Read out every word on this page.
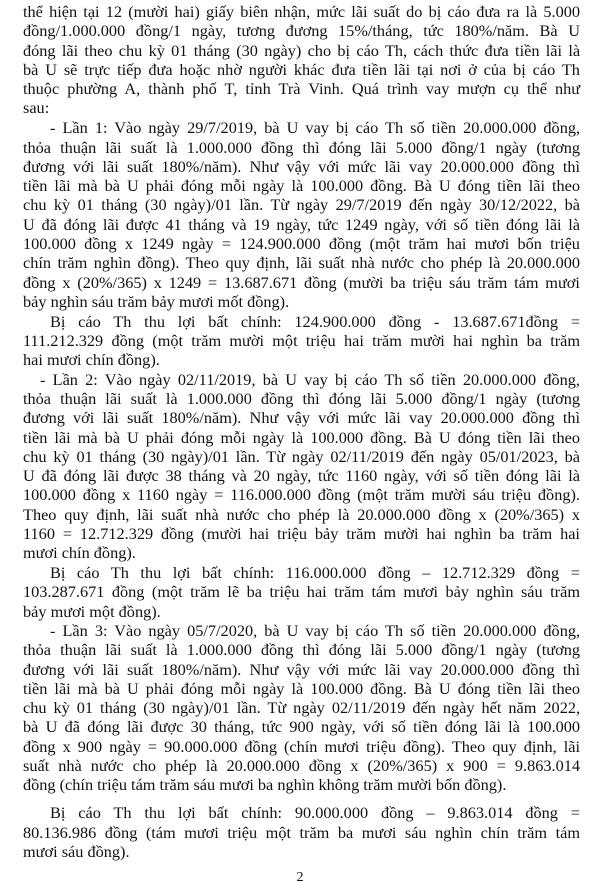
thể hiện tại 12 (mười hai) giấy biên nhận, mức lãi suất do bị cáo đưa ra là 5.000
đồng/1.000.000 đồng/1 ngày, tương đương 15%/tháng, tức 180%/năm. Bà U
đóng lãi theo chu kỳ 01 tháng (30 ngày) cho bị cáo Th, cách thức đưa tiền lãi là
bà U sẽ trực tiếp đưa hoặc nhờ người khác đưa tiền lãi tại nơi ở của bị cáo Th
thuộc phường A, thành phố T, tỉnh Trà Vinh. Quá trình vay mượn cụ thể như
sau:
- Lần 1: Vào ngày 29/7/2019, bà U vay bị cáo Th số tiền 20.000.000 đồng,
thỏa thuận lãi suất là 1.000.000 đồng thì đóng lãi 5.000 đồng/1 ngày (tương
đương với lãi suất 180%/năm). Như vậy với mức lãi vay 20.000.000 đồng thì
tiền lãi mà bà U phải đóng mỗi ngày là 100.000 đồng. Bà U đóng tiền lãi theo
chu kỳ 01 tháng (30 ngày)/01 lần. Từ ngày 29/7/2019 đến ngày 30/12/2022, bà
U đã đóng lãi được 41 tháng và 19 ngày, tức 1249 ngày, với số tiền đóng lãi là
100.000 đồng x 1249 ngày = 124.900.000 đồng (một trăm hai mươi bốn triệu
chín trăm nghìn đồng). Theo quy định, lãi suất nhà nước cho phép là 20.000.000
đồng x (20%/365) x 1249 = 13.687.671 đồng (mười ba triệu sáu trăm tám mươi
bảy nghìn sáu trăm bảy mươi mốt đồng).
Bị cáo Th thu lợi bất chính: 124.900.000 đồng - 13.687.671đồng =
111.212.329 đồng (một trăm mười một triệu hai trăm mười hai nghìn ba trăm
hai mươi chín đồng).
- Lần 2: Vào ngày 02/11/2019, bà U vay bị cáo Th số tiền 20.000.000 đồng,
thỏa thuận lãi suất là 1.000.000 đồng thì đóng lãi 5.000 đồng/1 ngày (tương
đương với lãi suất 180%/năm). Như vậy với mức lãi vay 20.000.000 đồng thì
tiền lãi mà bà U phải đóng mỗi ngày là 100.000 đồng. Bà U đóng tiền lãi theo
chu kỳ 01 tháng (30 ngày)/01 lần. Từ ngày 02/11/2019 đến ngày 05/01/2023, bà
U đã đóng lãi được 38 tháng và 20 ngày, tức 1160 ngày, với số tiền đóng lãi là
100.000 đồng x 1160 ngày = 116.000.000 đồng (một trăm mười sáu triệu đồng).
Theo quy định, lãi suất nhà nước cho phép là 20.000.000 đồng x (20%/365) x
1160 = 12.712.329 đồng (mười hai triệu bảy trăm mười hai nghìn ba trăm hai
mươi chín đồng).
Bị cáo Th thu lợi bất chính: 116.000.000 đồng – 12.712.329 đồng =
103.287.671 đồng (một trăm lẽ ba triệu hai trăm tám mươi bảy nghìn sáu trăm
bảy mươi một đồng).
- Lần 3: Vào ngày 05/7/2020, bà U vay bị cáo Th số tiền 20.000.000 đồng,
thỏa thuận lãi suất là 1.000.000 đồng thì đóng lãi 5.000 đồng/1 ngày (tương
đương với lãi suất 180%/năm). Như vậy với mức lãi vay 20.000.000 đồng thì
tiền lãi mà bà U phải đóng mỗi ngày là 100.000 đồng. Bà U đóng tiền lãi theo
chu kỳ 01 tháng (30 ngày)/01 lần. Từ ngày 02/11/2019 đến ngày hết năm 2022,
bà U đã đóng lãi được 30 tháng, tức 900 ngày, với số tiền đóng lãi là 100.000
đồng x 900 ngày = 90.000.000 đồng (chín mươi triệu đồng). Theo quy định, lãi
suất nhà nước cho phép là 20.000.000 đồng x (20%/365) x 900 = 9.863.014
đồng (chín triệu tám trăm sáu mươi ba nghìn không trăm mười bốn đồng).
Bị cáo Th thu lợi bất chính: 90.000.000 đồng – 9.863.014 đồng =
80.136.986 đồng (tám mươi triệu một trăm ba mươi sáu nghìn chín trăm tám
mươi sáu đồng).
2
